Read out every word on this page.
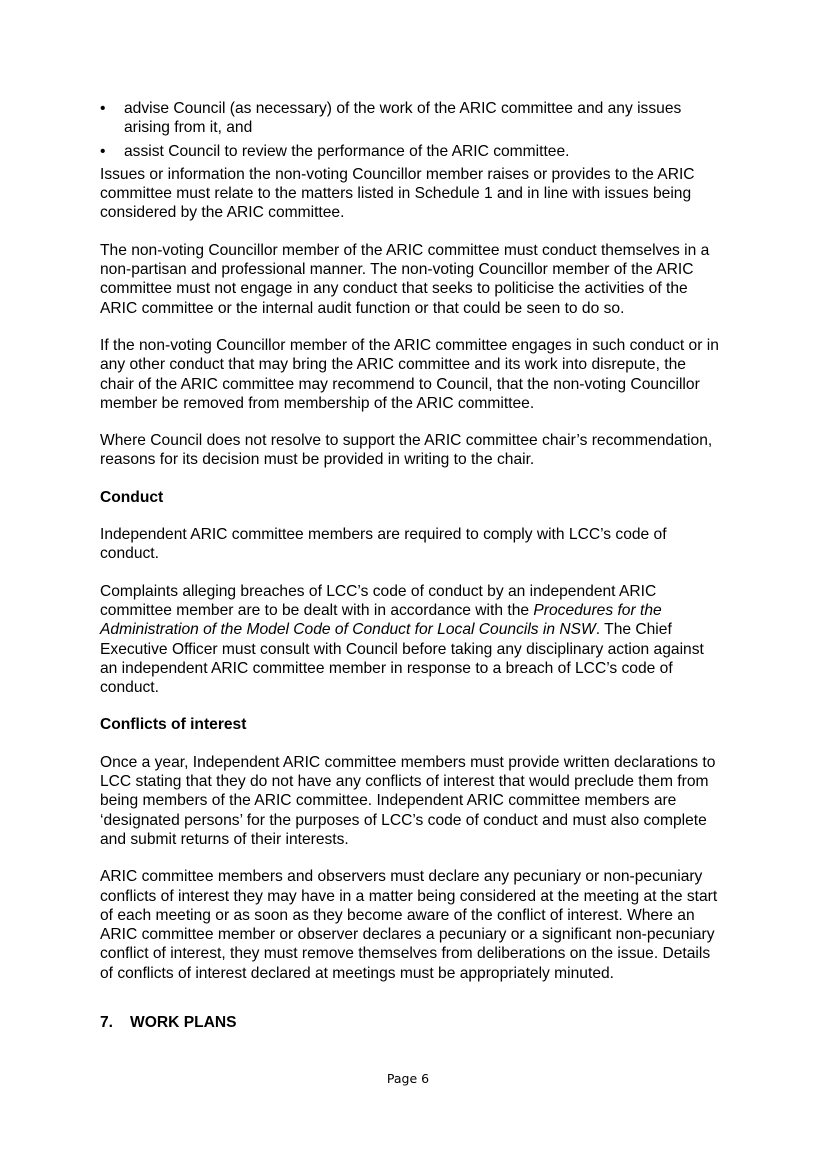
•	advise Council (as necessary) of the work of the ARIC committee and any issues arising from it, and
•	assist Council to review the performance of the ARIC committee.

Issues or information the non-voting Councillor member raises or provides to the ARIC committee must relate to the matters listed in Schedule 1 and in line with issues being considered by the ARIC committee.

The non-voting Councillor member of the ARIC committee must conduct themselves in a non-partisan and professional manner. The non-voting Councillor member of the ARIC committee must not engage in any conduct that seeks to politicise the activities of the ARIC committee or the internal audit function or that could be seen to do so.

If the non-voting Councillor member of the ARIC committee engages in such conduct or in any other conduct that may bring the ARIC committee and its work into disrepute, the chair of the ARIC committee may recommend to Council, that the non-voting Councillor member be removed from membership of the ARIC committee.

Where Council does not resolve to support the ARIC committee chair’s recommendation, reasons for its decision must be provided in writing to the chair.

Conduct

Independent ARIC committee members are required to comply with LCC’s code of conduct.

Complaints alleging breaches of LCC’s code of conduct by an independent ARIC committee member are to be dealt with in accordance with the Procedures for the Administration of the Model Code of Conduct for Local Councils in NSW. The Chief Executive Officer must consult with Council before taking any disciplinary action against an independent ARIC committee member in response to a breach of LCC’s code of conduct.

Conflicts of interest

Once a year, Independent ARIC committee members must provide written declarations to LCC stating that they do not have any conflicts of interest that would preclude them from being members of the ARIC committee. Independent ARIC committee members are ‘designated persons’ for the purposes of LCC’s code of conduct and must also complete and submit returns of their interests.

ARIC committee members and observers must declare any pecuniary or non-pecuniary conflicts of interest they may have in a matter being considered at the meeting at the start of each meeting or as soon as they become aware of the conflict of interest. Where an ARIC committee member or observer declares a pecuniary or a significant non-pecuniary conflict of interest, they must remove themselves from deliberations on the issue. Details of conflicts of interest declared at meetings must be appropriately minuted.

7. WORK PLANS
Page 6
